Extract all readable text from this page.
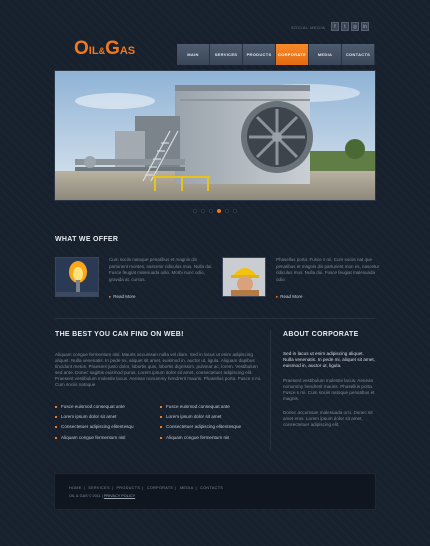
OIL&GAS
SOCIAL MEDIA	f	t	◎	in
MAIN	SERVICES	PRODUCTS	CORPORATE	MEDIA	CONTACTS
WHAT WE OFFER
Cum sociis natoque penatibus et magnis dis parturient montes, nascetur ridiculus mus. Nulla dui. Fusce feugiat malesuada odio. Morbi nunc odio, gravida at, cursus.
▸ Read More
Phasellus porta. Fusce s mi. Cum sociis nat que penatibus et magnis dis parturient mon es, nascetur ridiculus mus. Nulla dui. Fusce feugiat malesuada odio.
▸ Read More
THE BEST YOU CAN FIND ON WEB!
Aliquam congue fermentum nisl. Mauris accumsan nulla vel diam. Sed in lacus ut enim adipiscing aliquet. Nulla venenatis. In pede mi, aliquet sit amet, euismod in, auctor ut, ligula. Aliquam dapibus tincidunt metus. Praesent justo dolor, lobortis quis, lobortis dignissim, pulvinar ac, lorem. Vestibulum sed ante. Donec sagittis euismod purus. Lorem ipsum dolor sit amet, consectetuer adipiscing elit. Praesent vestibulum molestie lacus. Aenean nonummy hendrerit mauris. Phasellus porta. Fusce s mi. Cum sociis natoque
Fusce euismod consequat ante
Lorem ipsum dolor sit amet
Consectetuer adipiscing elitentesqu
Aliquam congue fermentum nisl
Fusce euismod consequat ante
Lorem ipsum dolor sit amet
Consectetuer adipiscing elitentesque
Aliquam congue fermentum nis
ABOUT CORPORATE
Sed in lacus ut enim adipiscing aliquet. Nulla venenatis. In pede mi, aliquet sit amet, euismod in, auctor ut, ligula.
Praesent vestibulum molestie lacus. Aenean nonummy hendrerit mauris. Phasellus porta. Fusce s mi. Cum sociis natoque penatibus et magnis.
Donec accumsan malesuada orci. Donec sit amet eros. Lorem ipsum dolor sit amet, consectetuer adipiscing elit.
HOME | SERVICES | PRODUCTS | CORPORATE | MEDIA | CONTACTS
OIL & GAS © 2011 | PRIVACY POLICY
